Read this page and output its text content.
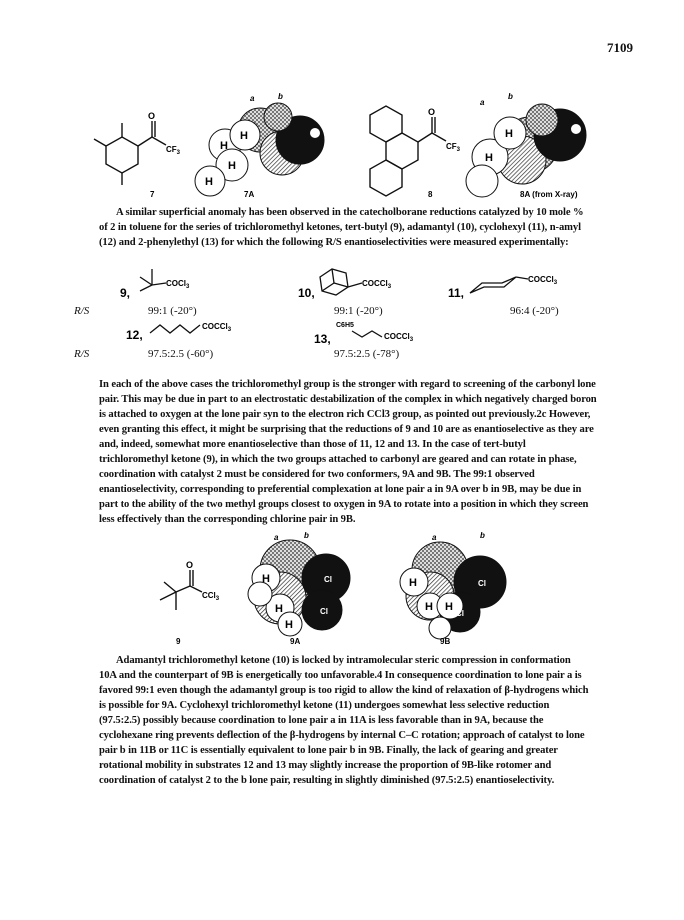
7109
O
$CF_3$
7
H
H
H
H
a	b
7A
O
$CF_3$
8
H
H
a
b
8A (from X-ray)
A similar superficial anomaly has been observed in the catecholborane reductions catalyzed by 10 mole %
of 2 in toluene for the series of trichloromethyl ketones, tert-butyl (9), adamantyl (10), cyclohexyl (11), n-amyl
(12) and 2-phenylethyl (13) for which the following R/S enantioselectivities were measured experimentally:
9,
COCl$_3$	10,
COCCl$_3$	11,
COCCl$_3$
12,
COCCl$_3$
13,
C6H5
COCCl$_3$
R/S	99:1 (-20°)	99:1 (-20°)	96:4 (-20°)
R/S	97.5:2.5 (-60°)	97.5:2.5 (-78°)
In each of the above cases the trichloromethyl group is the stronger with regard to screening of the carbonyl lone
pair. This may be due in part to an electrostatic destabilization of the complex in which negatively charged boron
is attached to oxygen at the lone pair syn to the electron rich CCl3 group, as pointed out previously.2c However,
even granting this effect, it might be surprising that the reductions of 9 and 10 are as enantioselective as they are
and, indeed, somewhat more enantioselective than those of 11, 12 and 13. In the case of tert-butyl
trichloromethyl ketone (9), in which the two groups attached to carbonyl are geared and can rotate in phase,
coordination with catalyst 2 must be considered for two conformers, 9A and 9B. The 99:1 observed
enantioselectivity, corresponding to preferential complexation at lone pair a in 9A over b in 9B, may be due in
part to the ability of the two methyl groups closest to oxygen in 9A to rotate into a position in which they screen
less effectively than the corresponding chlorine pair in 9B.
O
CCl$_3$
9
Cl
Cl
H
H
H
a	b
9A
Cl
Cl
H
H H
a	b
9B
Adamantyl trichloromethyl ketone (10) is locked by intramolecular steric compression in conformation
10A and the counterpart of 9B is energetically too unfavorable.4 In consequence coordination to lone pair a is
favored 99:1 even though the adamantyl group is too rigid to allow the kind of relaxation of β-hydrogens which
is possible for 9A. Cyclohexyl trichloromethyl ketone (11) undergoes somewhat less selective reduction
(97.5:2.5) possibly because coordination to lone pair a in 11A is less favorable than in 9A, because the
cyclohexane ring prevents deflection of the β-hydrogens by internal C–C rotation; approach of catalyst to lone
pair b in 11B or 11C is essentially equivalent to lone pair b in 9B. Finally, the lack of gearing and greater
rotational mobility in substrates 12 and 13 may slightly increase the proportion of 9B-like rotomer and
coordination of catalyst 2 to the b lone pair, resulting in slightly diminished (97.5:2.5) enantioselectivity.
